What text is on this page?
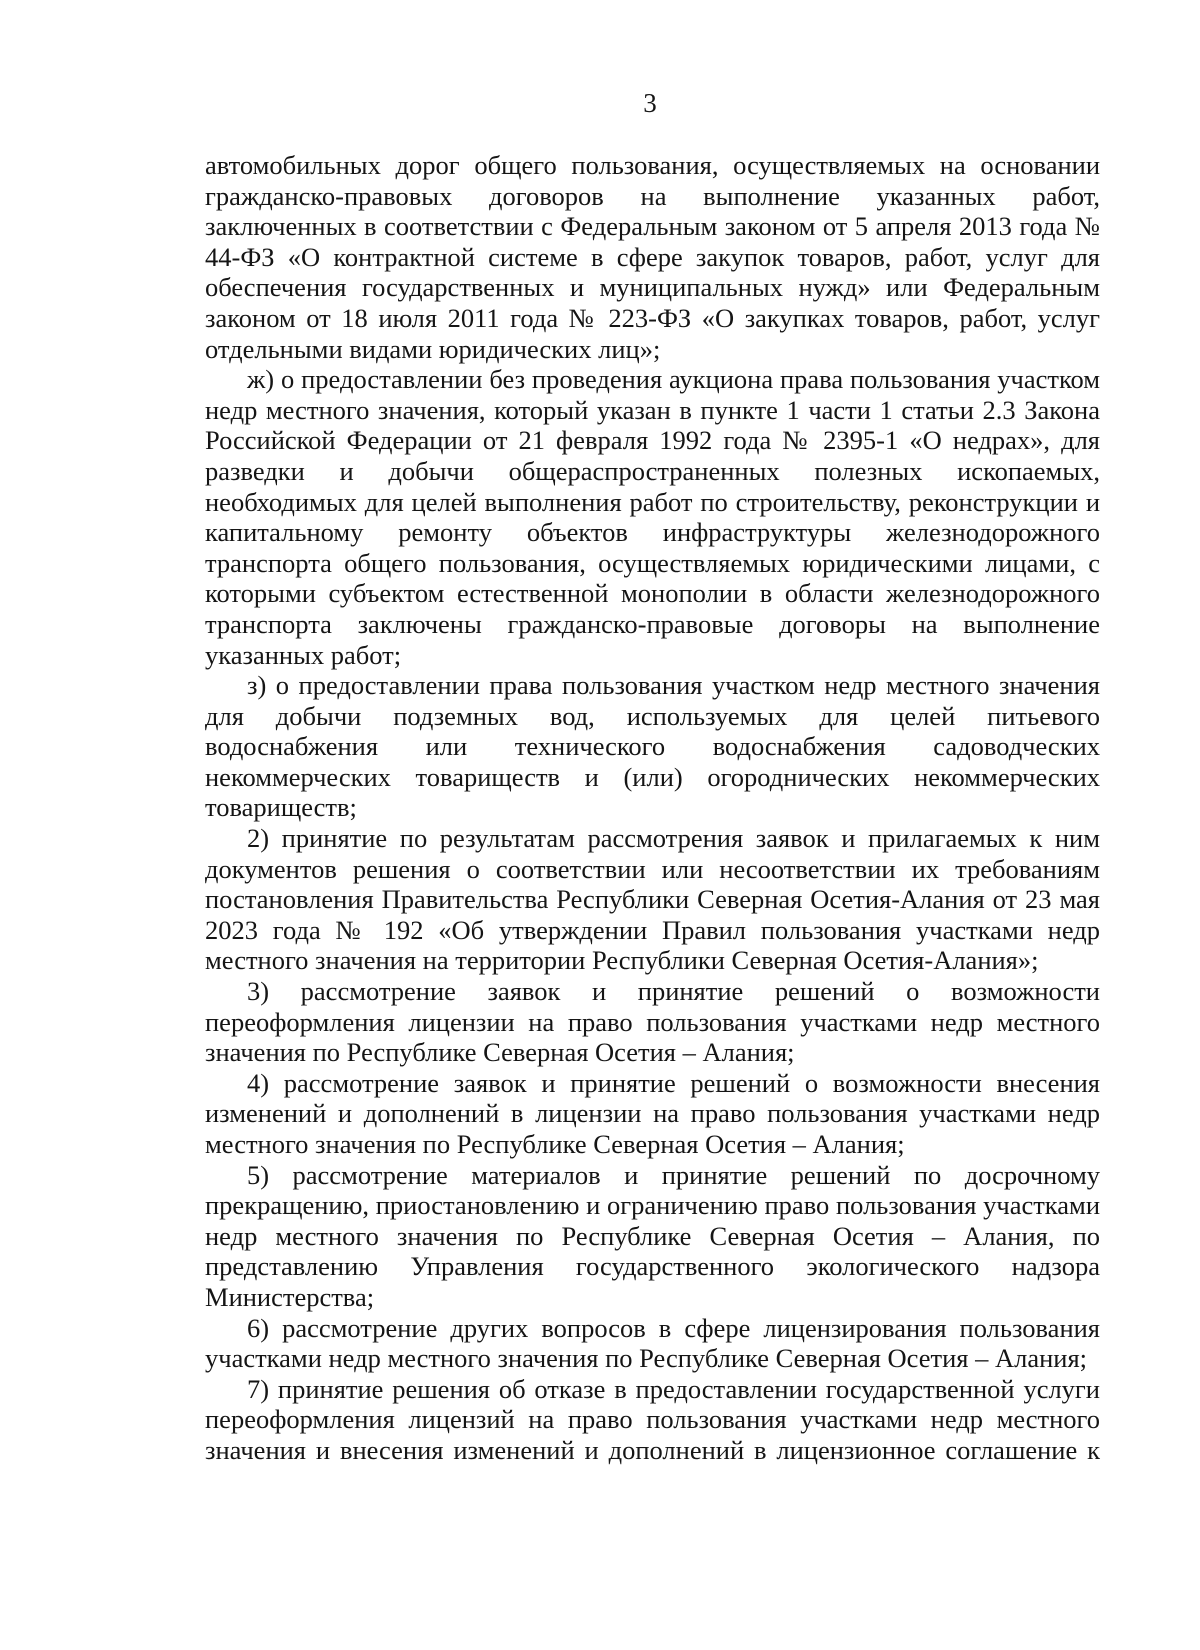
3

автомобильных дорог общего пользования, осуществляемых на основании гражданско-правовых договоров на выполнение указанных работ, заключенных в соответствии с Федеральным законом от 5 апреля 2013 года № 44-ФЗ «О контрактной системе в сфере закупок товаров, работ, услуг для обеспечения государственных и муниципальных нужд» или Федеральным законом от 18 июля 2011 года № 223-ФЗ «О закупках товаров, работ, услуг отдельными видами юридических лиц»;

ж) о предоставлении без проведения аукциона права пользования участком недр местного значения, который указан в пункте 1 части 1 статьи 2.3 Закона Российской Федерации от 21 февраля 1992 года № 2395-1 «О недрах», для разведки и добычи общераспространенных полезных ископаемых, необходимых для целей выполнения работ по строительству, реконструкции и капитальному ремонту объектов инфраструктуры железнодорожного транспорта общего пользования, осуществляемых юридическими лицами, с которыми субъектом естественной монополии в области железнодорожного транспорта заключены гражданско-правовые договоры на выполнение указанных работ;

з) о предоставлении права пользования участком недр местного значения для добычи подземных вод, используемых для целей питьевого водоснабжения или технического водоснабжения садоводческих некоммерческих товариществ и (или) огороднических некоммерческих товариществ;

2) принятие по результатам рассмотрения заявок и прилагаемых к ним документов решения о соответствии или несоответствии их требованиям постановления Правительства Республики Северная Осетия-Алания от 23 мая 2023 года № 192 «Об утверждении Правил пользования участками недр местного значения на территории Республики Северная Осетия-Алания»;

3) рассмотрение заявок и принятие решений о возможности переоформления лицензии на право пользования участками недр местного значения по Республике Северная Осетия – Алания;

4) рассмотрение заявок и принятие решений о возможности внесения изменений и дополнений в лицензии на право пользования участками недр местного значения по Республике Северная Осетия – Алания;

5) рассмотрение материалов и принятие решений по досрочному прекращению, приостановлению и ограничению право пользования участками недр местного значения по Республике Северная Осетия – Алания, по представлению Управления государственного экологического надзора Министерства;

6) рассмотрение других вопросов в сфере лицензирования пользования участками недр местного значения по Республике Северная Осетия – Алания;

7) принятие решения об отказе в предоставлении государственной услуги переоформления лицензий на право пользования участками недр местного значения и внесения изменений и дополнений в лицензионное соглашение к
